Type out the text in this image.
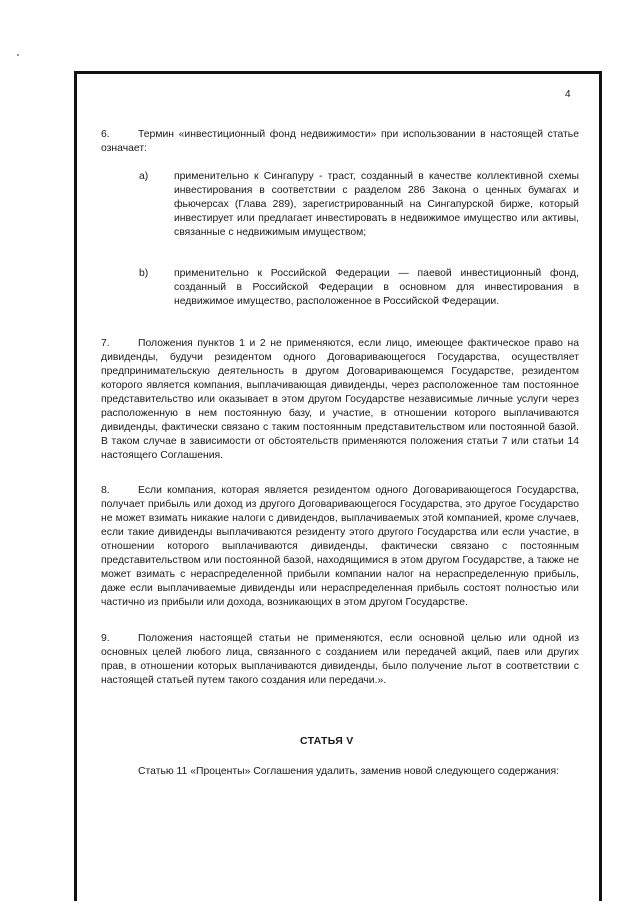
4
6.	Термин «инвестиционный фонд недвижимости» при использовании в настоящей статье означает:
a) применительно к Сингапуру - траст, созданный в качестве коллективной схемы инвестирования в соответствии с разделом 286 Закона о ценных бумагах и фьючерсах (Глава 289), зарегистрированный на Сингапурской бирже, который инвестирует или предлагает инвестировать в недвижимое имущество или активы, связанные с недвижимым имуществом;
b) применительно к Российской Федерации — паевой инвестиционный фонд, созданный в Российской Федерации в основном для инвестирования в недвижимое имущество, расположенное в Российской Федерации.
7.	Положения пунктов 1 и 2 не применяются, если лицо, имеющее фактическое право на дивиденды, будучи резидентом одного Договаривающегося Государства, осуществляет предпринимательскую деятельность в другом Договаривающемся Государстве, резидентом которого является компания, выплачивающая дивиденды, через расположенное там постоянное представительство или оказывает в этом другом Государстве независимые личные услуги через расположенную в нем постоянную базу, и участие, в отношении которого выплачиваются дивиденды, фактически связано с таким постоянным представительством или постоянной базой. В таком случае в зависимости от обстоятельств применяются положения статьи 7 или статьи 14 настоящего Соглашения.
8.	Если компания, которая является резидентом одного Договаривающегося Государства, получает прибыль или доход из другого Договаривающегося Государства, это другое Государство не может взимать никакие налоги с дивидендов, выплачиваемых этой компанией, кроме случаев, если такие дивиденды выплачиваются резиденту этого другого Государства или если участие, в отношении которого выплачиваются дивиденды, фактически связано с постоянным представительством или постоянной базой, находящимися в этом другом Государстве, а также не может взимать с нераспределенной прибыли компании налог на нераспределенную прибыль, даже если выплачиваемые дивиденды или нераспределенная прибыль состоят полностью или частично из прибыли или дохода, возникающих в этом другом Государстве.
9.	Положения настоящей статьи не применяются, если основной целью или одной из основных целей любого лица, связанного с созданием или передачей акций, паев или других прав, в отношении которых выплачиваются дивиденды, было получение льгот в соответствии с настоящей статьей путем такого создания или передачи.».
СТАТЬЯ V
Статью 11 «Проценты» Соглашения удалить, заменив новой следующего содержания:
